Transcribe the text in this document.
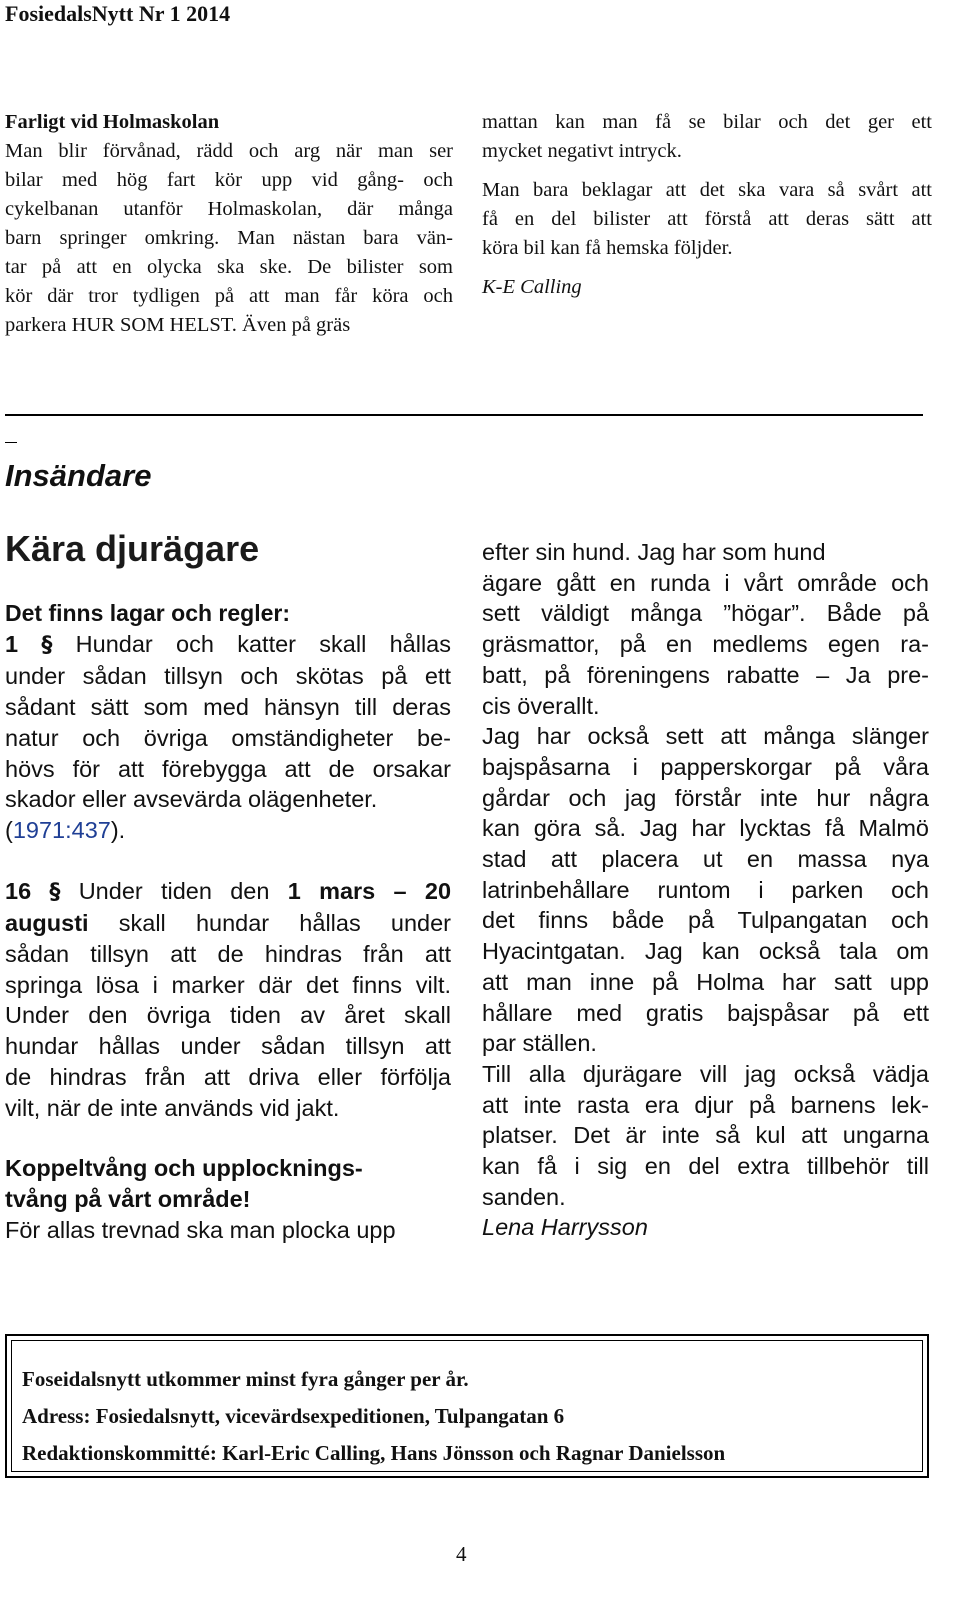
FosiedalsNytt Nr 1 2014
Farligt vid Holmaskolan
Man blir förvånad, rädd och arg när man ser
bilar med hög fart kör upp vid gång- och
cykelbanan utanför Holmaskolan, där många
barn springer omkring. Man nästan bara vän-
tar på att en olycka ska ske. De bilister som
kör där tror tydligen på att man får köra och
parkera HUR SOM HELST. Även på gräs
mattan kan man få se bilar och det ger ett
mycket negativt intryck.
Man bara beklagar att det ska vara så svårt att
få en del bilister att förstå att deras sätt att
köra bil kan få hemska följder.
K-E Calling
Insändare
Kära djurägare
Det finns lagar och regler:
1 § Hundar och katter skall hållas
under sådan tillsyn och skötas på ett
sådant sätt som med hänsyn till deras
natur och övriga omständigheter be-
hövs för att förebygga att de orsakar
skador eller avsevärda olägenheter.
(1971:437).
16 § Under tiden den 1 mars – 20
augusti skall hundar hållas under
sådan tillsyn att de hindras från att
springa lösa i marker där det finns vilt.
Under den övriga tiden av året skall
hundar hållas under sådan tillsyn att
de hindras från att driva eller förfölja
vilt, när de inte används vid jakt.
Koppeltvång och upplocknings-
tvång på vårt område!
För allas trevnad ska man plocka upp
efter sin hund. Jag har som hund
ägare gått en runda i vårt område och
sett väldigt många ”högar”. Både på
gräsmattor, på en medlems egen ra-
batt, på föreningens rabatte – Ja pre-
cis överallt.
Jag har också sett att många slänger
bajspåsarna i papperskorgar på våra
gårdar och jag förstår inte hur några
kan göra så. Jag har lycktas få Malmö
stad att placera ut en massa nya
latrinbehållare runtom i parken och
det finns både på Tulpangatan och
Hyacintgatan. Jag kan också tala om
att man inne på Holma har satt upp
hållare med gratis bajspåsar på ett
par ställen.
Till alla djurägare vill jag också vädja
att inte rasta era djur på barnens lek-
platser. Det är inte så kul att ungarna
kan få i sig en del extra tillbehör till
sanden.
Lena Harrysson
Foseidalsnytt utkommer minst fyra gånger per år.
Adress: Fosiedalsnytt, vicevärdsexpeditionen, Tulpangatan 6
Redaktionskommitté: Karl-Eric Calling, Hans Jönsson och Ragnar Danielsson
4
